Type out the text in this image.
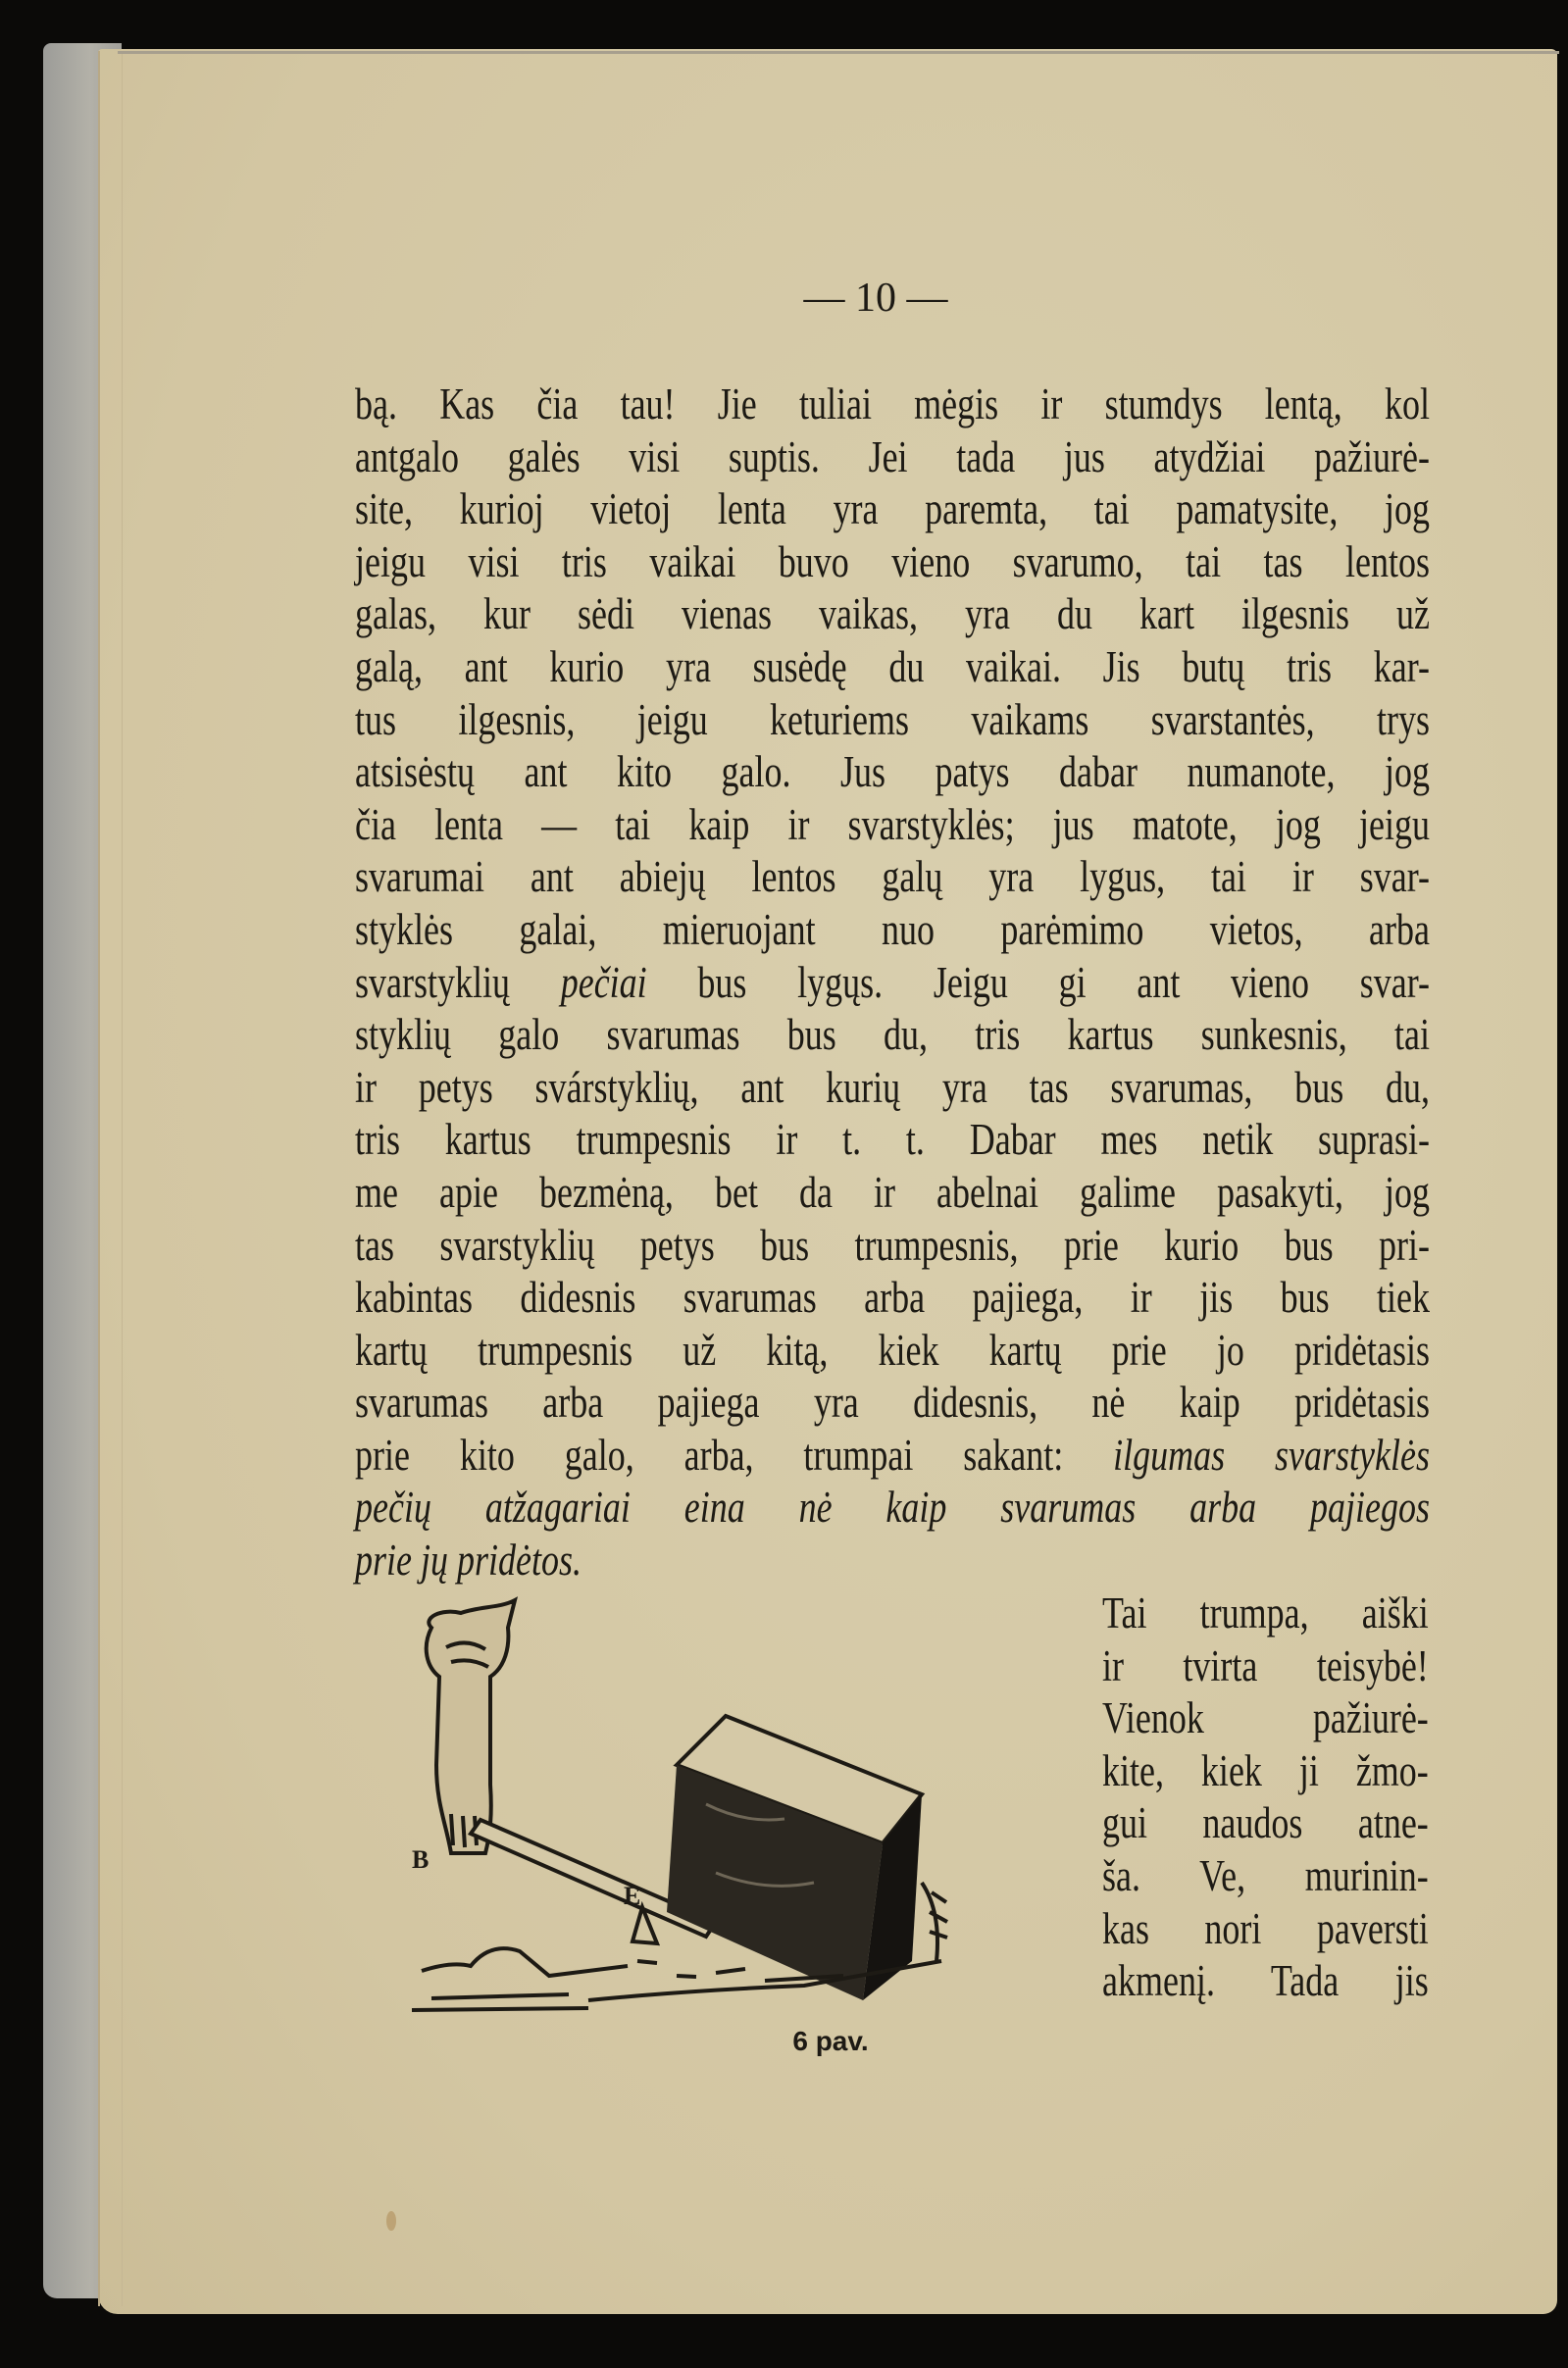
— 10 —
bą. Kas čia tau! Jie tuliai mėgis ir stumdys lentą, kol
antgalo galės visi suptis. Jei tada jus atydžiai pažiurė-
site, kurioj vietoj lenta yra paremta, tai pamatysite, jog
jeigu visi tris vaikai buvo vieno svarumo, tai tas lentos
galas, kur sėdi vienas vaikas, yra du kart ilgesnis už
galą, ant kurio yra susėdę du vaikai. Jis butų tris kar-
tus ilgesnis, jeigu keturiems vaikams svarstantės, trys
atsisėstų ant kito galo. Jus patys dabar numanote, jog
čia lenta — tai kaip ir svarstyklės; jus matote, jog jeigu
svarumai ant abiejų lentos galų yra lygus, tai ir svar-
styklės galai, mieruojant nuo parėmimo vietos, arba
svarstyklių pečiai bus lygųs. Jeigu gi ant vieno svar-
styklių galo svarumas bus du, tris kartus sunkesnis, tai
ir petys svárstyklių, ant kurių yra tas svarumas, bus du,
tris kartus trumpesnis ir t. t. Dabar mes netik suprasi-
me apie bezmėną, bet da ir abelnai galime pasakyti, jog
tas svarstyklių petys bus trumpesnis, prie kurio bus pri-
kabintas didesnis svarumas arba pajiega, ir jis bus tiek
kartų trumpesnis už kitą, kiek kartų prie jo pridėtasis
svarumas arba pajiega yra didesnis, nė kaip pridėtasis
prie kito galo, arba, trumpai sakant: ilgumas svarstyklės
pečių atžagariai eina nė kaip svarumas arba pajiegos
prie jų pridėtos.
Tai trumpa, aiški
ir tvirta teisybė!
Vienok pažiurė-
kite, kiek ji žmo-
gui naudos atne-
ša. Ve, murinin-
kas nori paversti
akmenį. Tada jis
B
E
6 pav.
